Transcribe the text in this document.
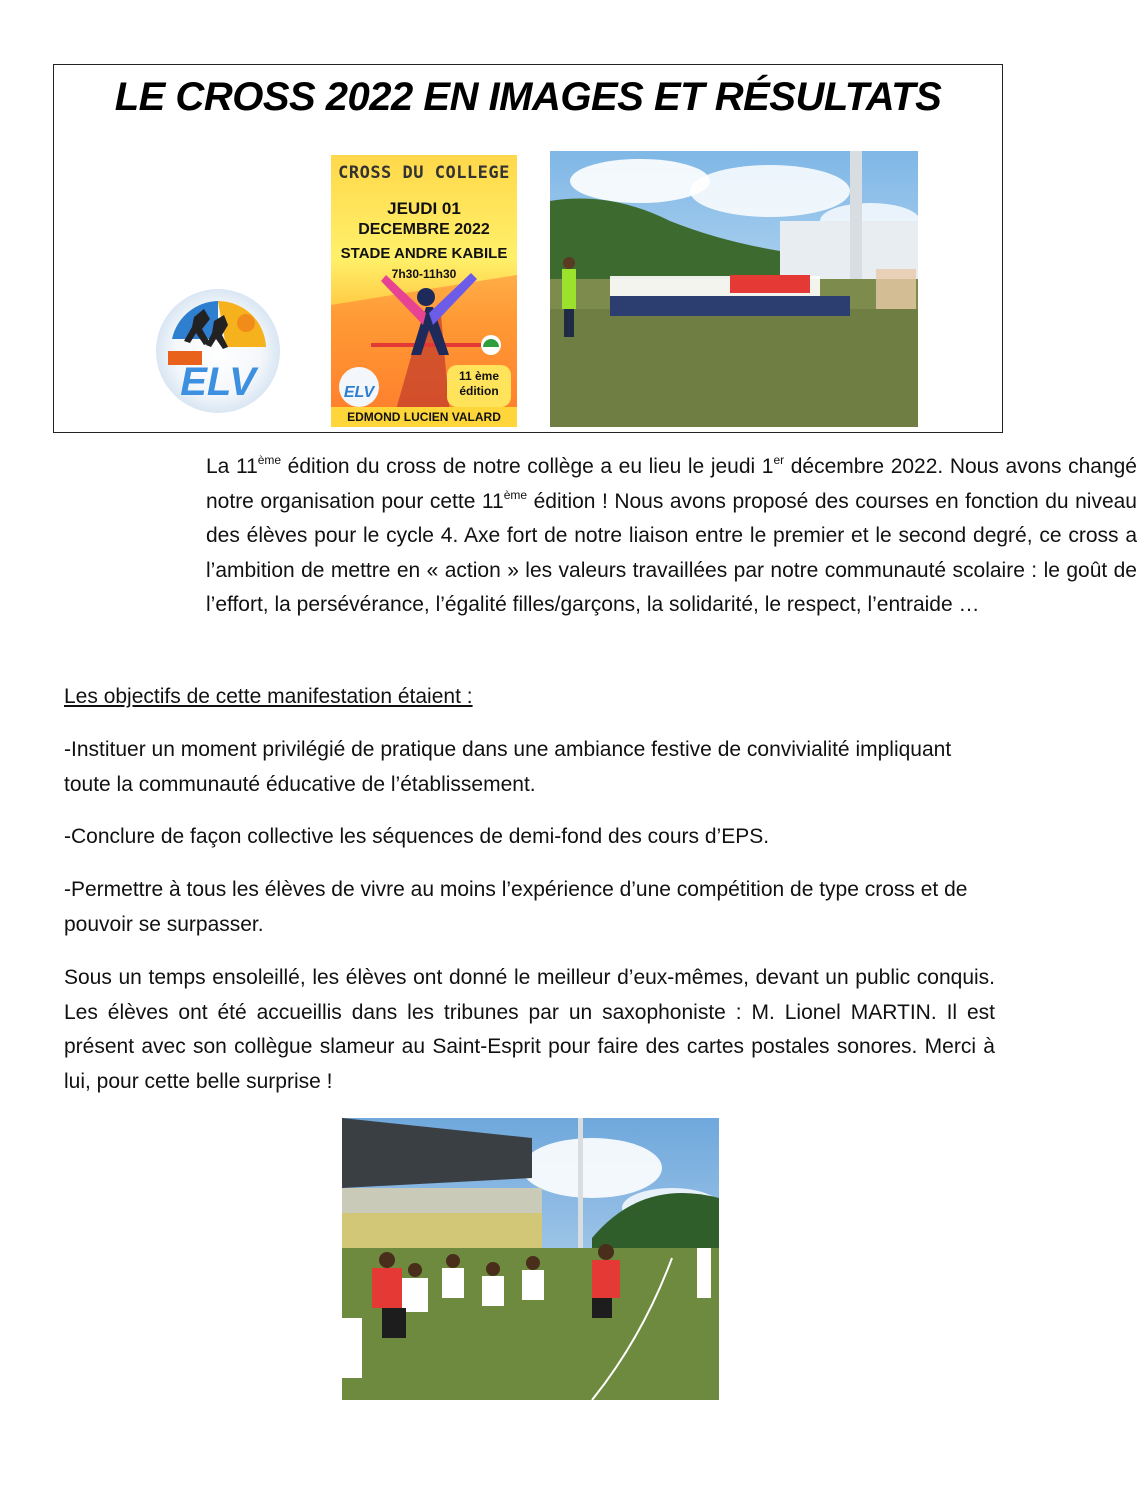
LE CROSS 2022 EN IMAGES ET RÉSULTATS
ELV	ELV
CROSS DU COLLEGE
JEUDI 01
DECEMBRE 2022
STADE ANDRE KABILE
7h30-11h30
11 ème
édition
EDMOND LUCIEN VALARD
La 11ème édition du cross de notre collège a eu lieu le jeudi 1er décembre 2022. Nous avons changé notre organisation pour cette 11ème édition ! Nous avons proposé des courses en fonction du niveau des élèves pour le cycle 4. Axe fort de notre liaison entre le premier et le second degré, ce cross a l’ambition de mettre en « action » les valeurs travaillées par notre communauté scolaire : le goût de l’effort, la persévérance, l’égalité filles/garçons, la solidarité, le respect, l’entraide …
Les objectifs de cette manifestation étaient :
-Instituer un moment privilégié de pratique dans une ambiance festive de convivialité impliquant toute la communauté éducative de l’établissement.
-Conclure de façon collective les séquences de demi-fond des cours d’EPS.
-Permettre à tous les élèves de vivre au moins l’expérience d’une compétition de type cross et de pouvoir se surpasser.
Sous un temps ensoleillé, les élèves ont donné le meilleur d’eux-mêmes, devant un public conquis. Les élèves ont été accueillis dans les tribunes par un saxophoniste : M. Lionel MARTIN. Il est présent avec son collègue slameur au Saint-Esprit pour faire des cartes postales sonores. Merci à lui, pour cette belle surprise !
